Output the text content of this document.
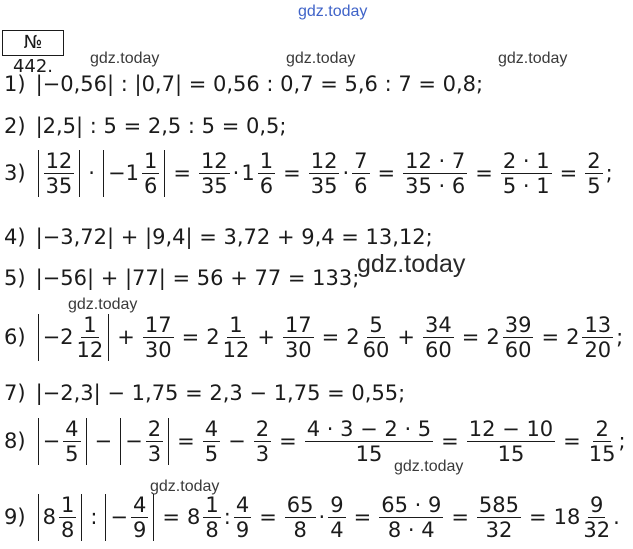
gdz.today
gdz.today	gdz.today	gdz.today
gdz.today
gdz.today
gdz.today
gdz.today
№ 442.
1) |−0,56| : |0,7| = 0,56 : 0,7 = 5,6 : 7 = 0,8;
2) |2,5| : 5 = 2,5 : 5 = 0,5;
$3) \frac{12}{35} \cdot -1 \frac{1}{6} = \frac{12}{35} \cdot 1 \frac{1}{6} = \frac{12}{35} \cdot \frac{7}{6} = \frac{12 \cdot 7}{35 \cdot 6} = \frac{2 \cdot 1}{5 \cdot 1} = \frac{2}{5}$ ;
4) |−3,72| + |9,4| = 3,72 + 9,4 = 13,12;
5) |−56| + |77| = 56 + 77 = 133;
$6) -2 \frac{1}{12} + \frac{17}{30} = 2 \frac{1}{12} + \frac{17}{30} = 2 \frac{5}{60} + \frac{34}{60} = 2 \frac{39}{60} = 2 \frac{13}{20}$ ;
7) |−2,3| − 1,75 = 2,3 − 1,75 = 0,55;
$8) - \frac{4}{5}$ − − $\frac{2}{3} = \frac{4}{5} - \frac{2}{3} = \frac{4 \cdot 3 - 2 \cdot 5}{15} = \frac{12 - 10}{15} = \frac{2}{15}$ ;
9) $8 \frac{1}{8}$ : − $\frac{4}{9} = 8 \frac{1}{8}$ : $\frac{4}{9} = \frac{65}{8} \cdot \frac{9}{4} = \frac{65 \cdot 9}{8 \cdot 4} = \frac{585}{32} = 18 \frac{9}{32}$ .
